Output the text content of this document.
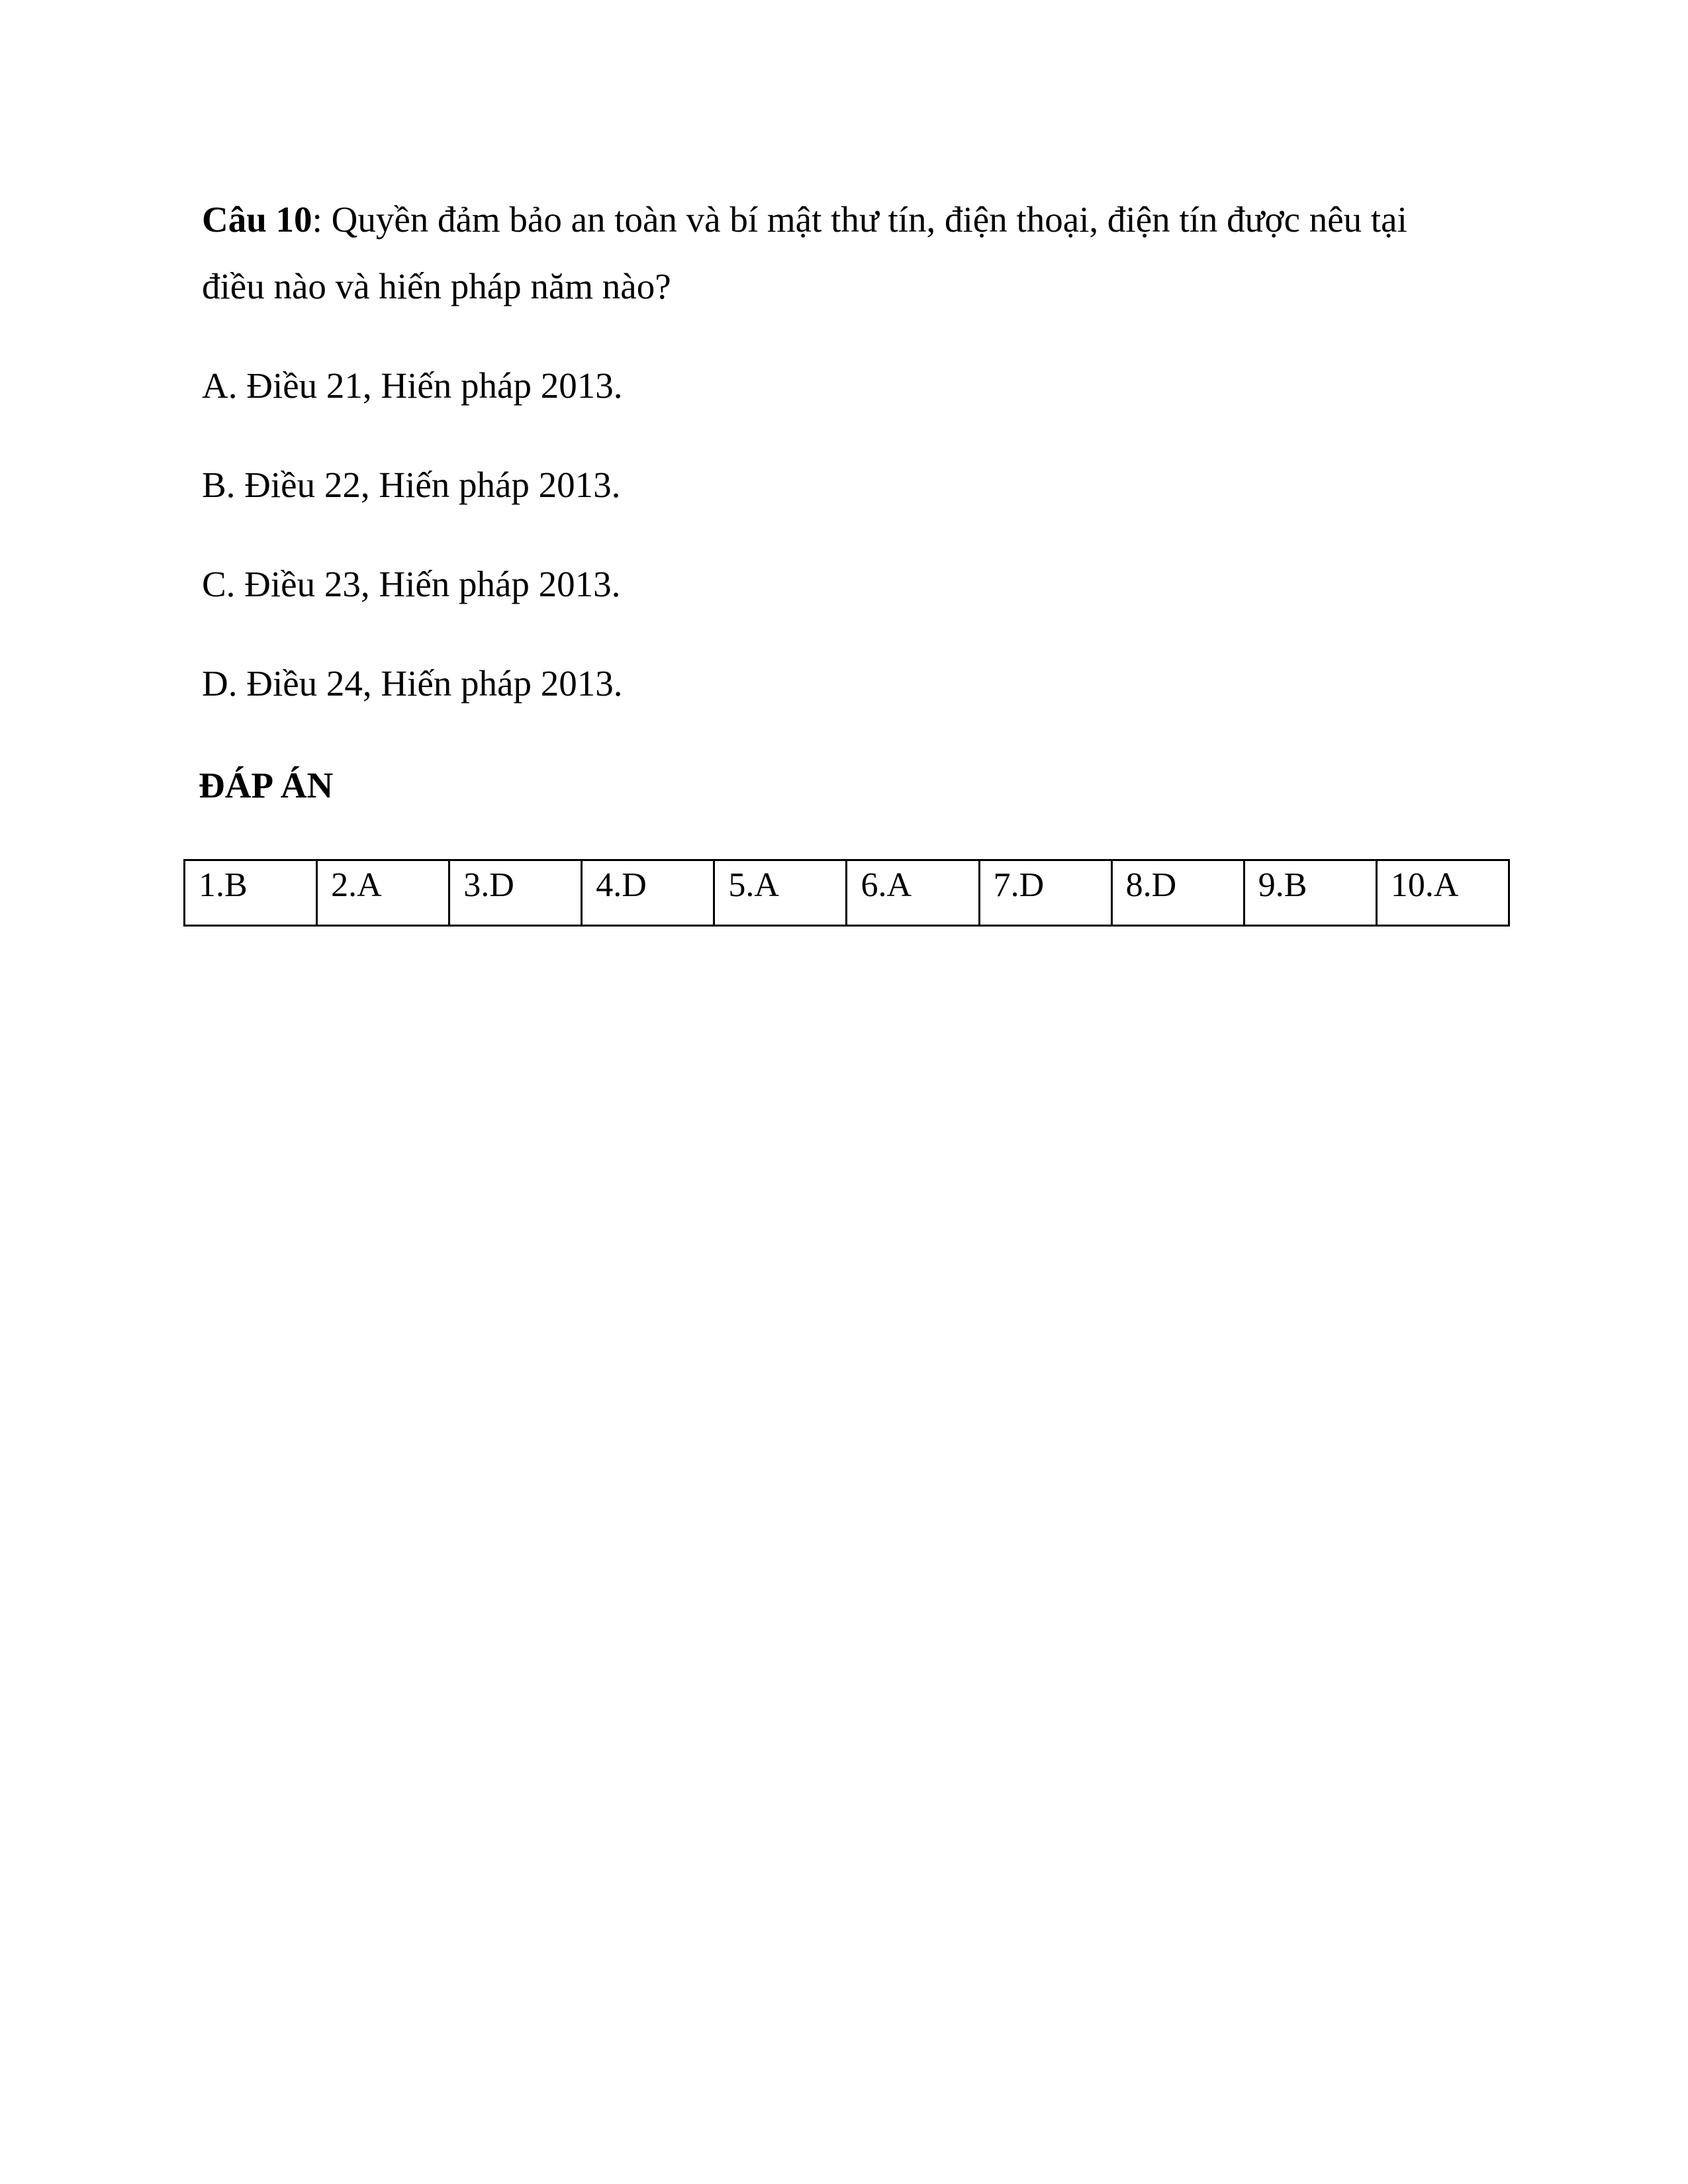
Câu 10: Quyền đảm bảo an toàn và bí mật thư tín, điện thoại, điện tín được nêu tại
điều nào và hiến pháp năm nào?
A. Điều 21, Hiến pháp 2013.
B. Điều 22, Hiến pháp 2013.
C. Điều 23, Hiến pháp 2013.
D. Điều 24, Hiến pháp 2013.
ĐÁP ÁN
1.B	2.A	3.D	4.D	5.A	6.A	7.D	8.D	9.B	10.A
